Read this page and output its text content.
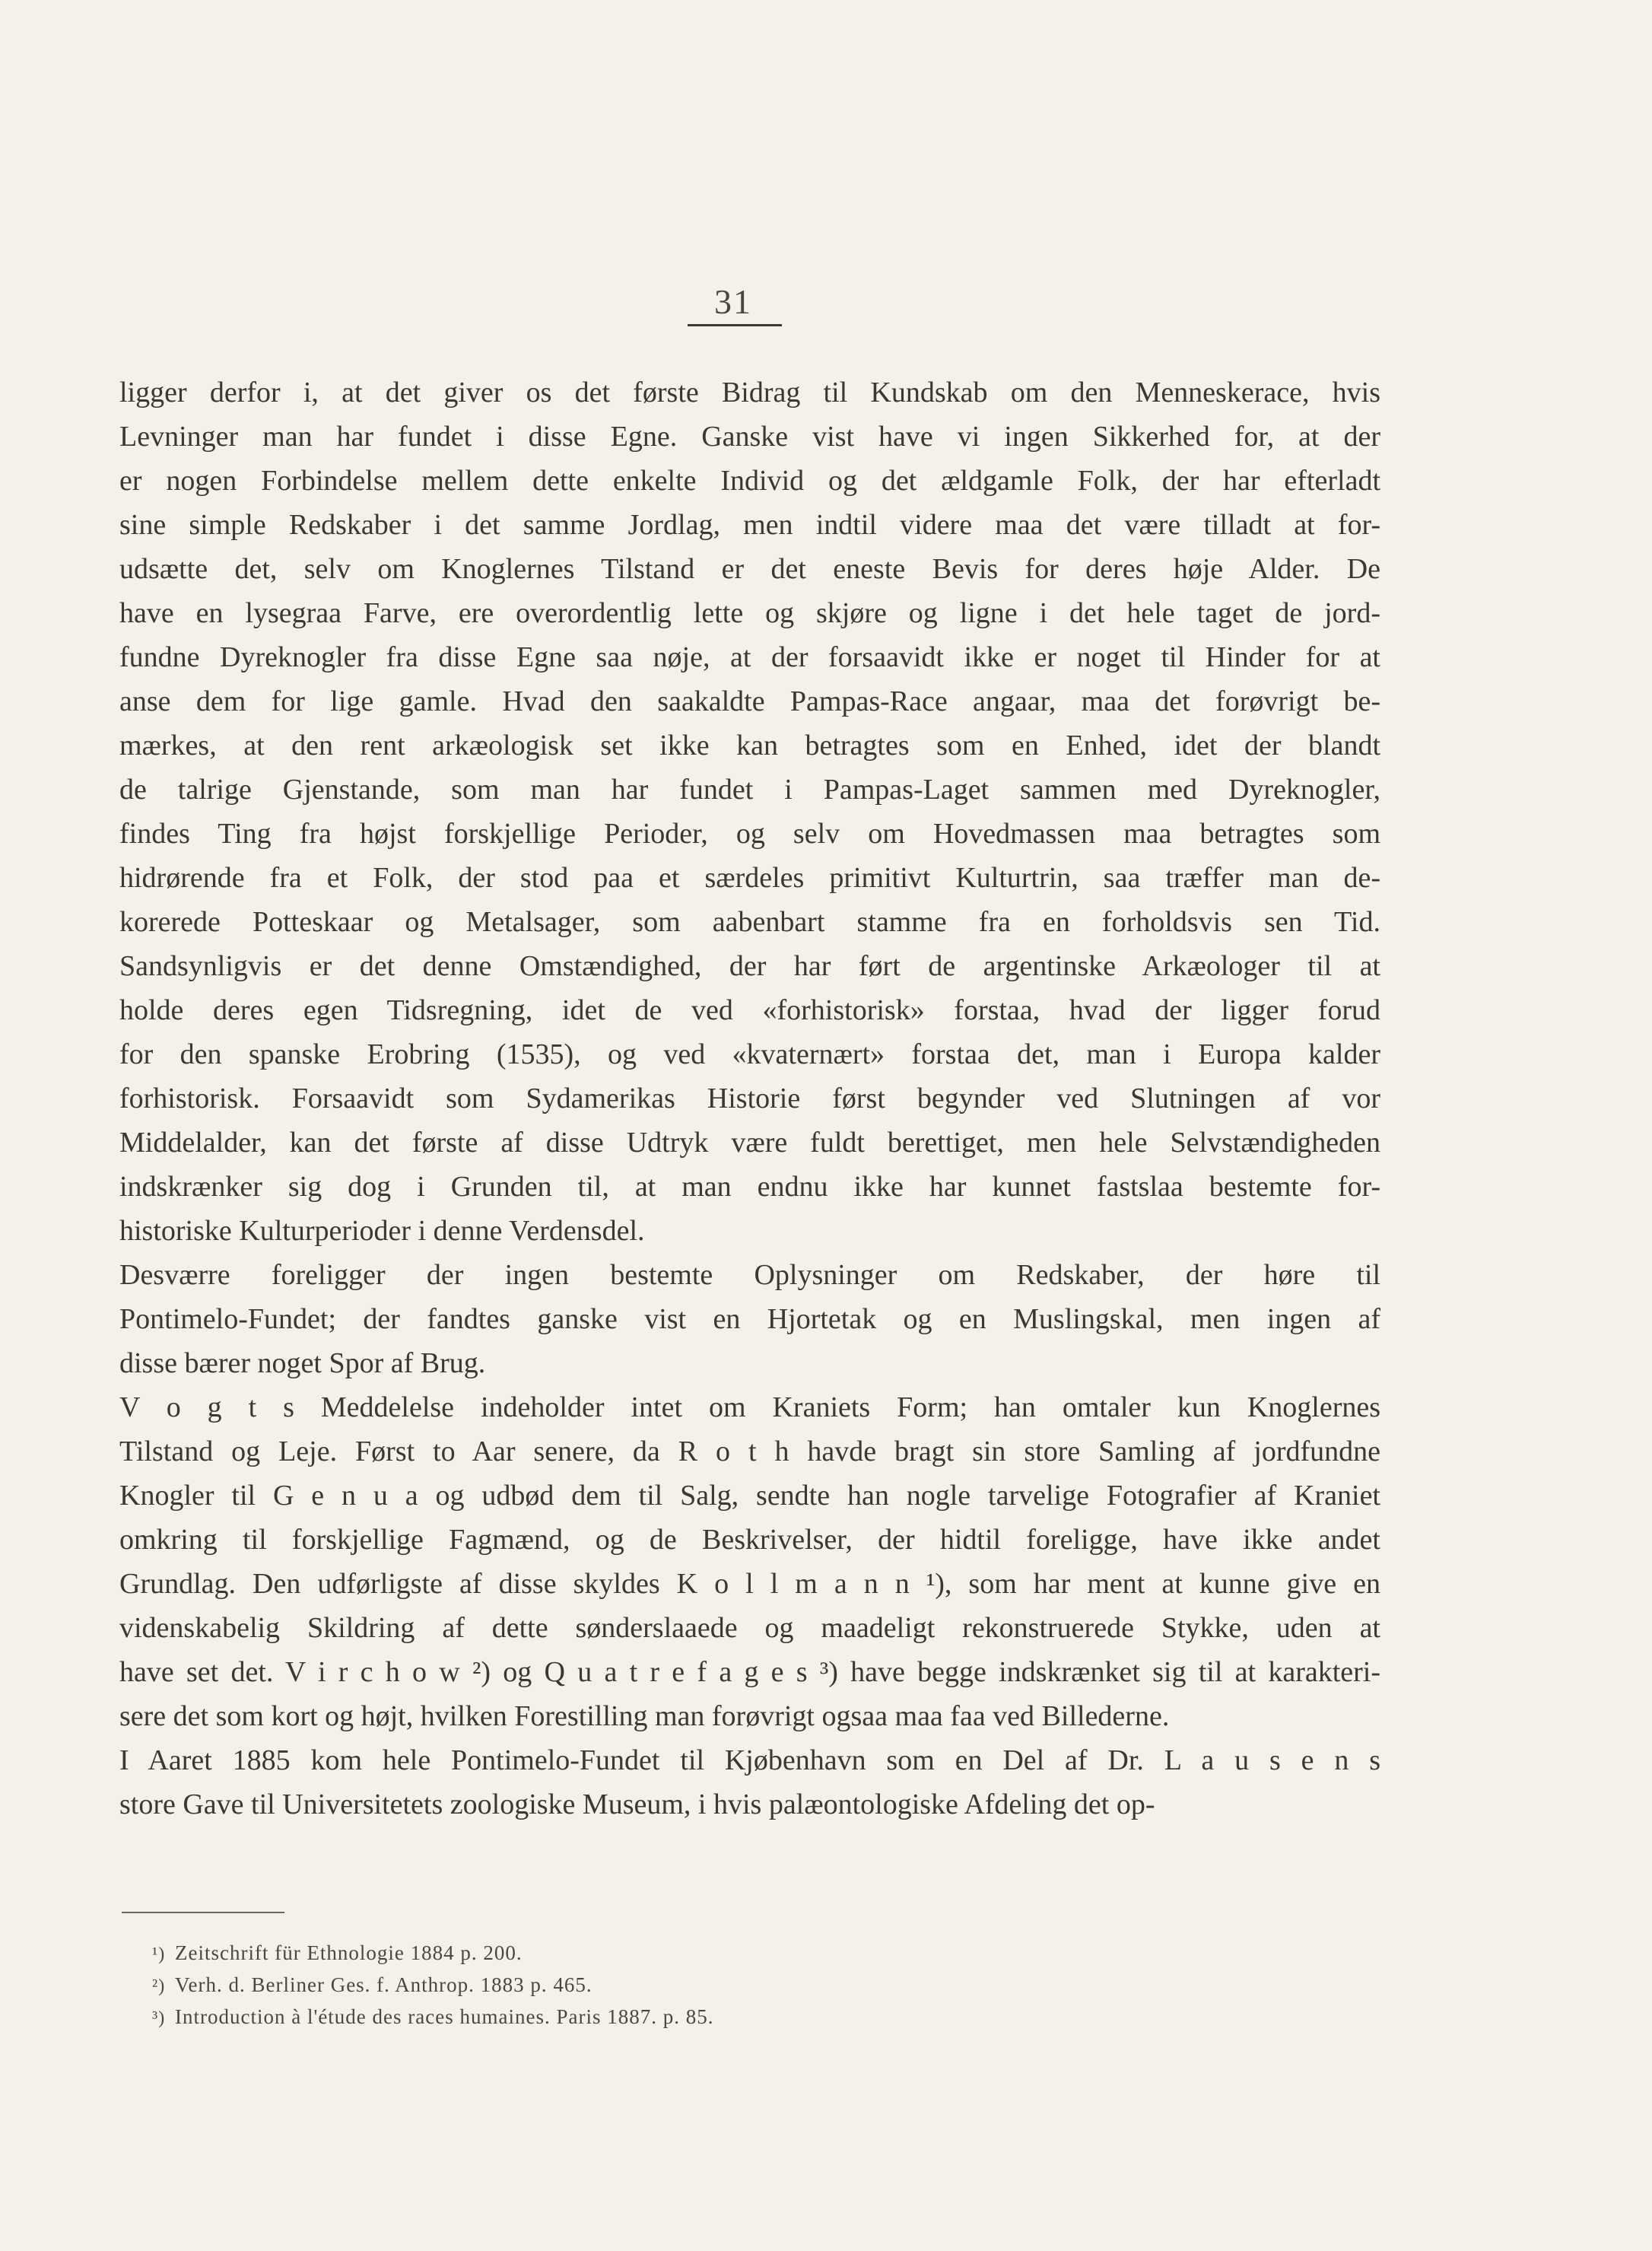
31
ligger derfor i, at det giver os det første Bidrag til Kundskab om den Menneskerace, hvis
Levninger man har fundet i disse Egne. Ganske vist have vi ingen Sikkerhed for, at der
er nogen Forbindelse mellem dette enkelte Individ og det ældgamle Folk, der har efterladt
sine simple Redskaber i det samme Jordlag, men indtil videre maa det være tilladt at for-
udsætte det, selv om Knoglernes Tilstand er det eneste Bevis for deres høje Alder. De
have en lysegraa Farve, ere overordentlig lette og skjøre og ligne i det hele taget de jord-
fundne Dyreknogler fra disse Egne saa nøje, at der forsaavidt ikke er noget til Hinder for at
anse dem for lige gamle. Hvad den saakaldte Pampas-Race angaar, maa det forøvrigt be-
mærkes, at den rent arkæologisk set ikke kan betragtes som en Enhed, idet der blandt
de talrige Gjenstande, som man har fundet i Pampas-Laget sammen med Dyreknogler,
findes Ting fra højst forskjellige Perioder, og selv om Hovedmassen maa betragtes som
hidrørende fra et Folk, der stod paa et særdeles primitivt Kulturtrin, saa træffer man de-
korerede Potteskaar og Metalsager, som aabenbart stamme fra en forholdsvis sen Tid.
Sandsynligvis er det denne Omstændighed, der har ført de argentinske Arkæologer til at
holde deres egen Tidsregning, idet de ved «forhistorisk» forstaa, hvad der ligger forud
for den spanske Erobring (1535), og ved «kvaternært» forstaa det, man i Europa kalder
forhistorisk. Forsaavidt som Sydamerikas Historie først begynder ved Slutningen af vor
Middelalder, kan det første af disse Udtryk være fuldt berettiget, men hele Selvstændigheden
indskrænker sig dog i Grunden til, at man endnu ikke har kunnet fastslaa bestemte for-
historiske Kulturperioder i denne Verdensdel.
Desværre foreligger der ingen bestemte Oplysninger om Redskaber, der høre til
Pontimelo-Fundet; der fandtes ganske vist en Hjortetak og en Muslingskal, men ingen af
disse bærer noget Spor af Brug.
V o g t s Meddelelse indeholder intet om Kraniets Form; han omtaler kun Knoglernes
Tilstand og Leje. Først to Aar senere, da R o t h havde bragt sin store Samling af jordfundne
Knogler til G e n u a og udbød dem til Salg, sendte han nogle tarvelige Fotografier af Kraniet
omkring til forskjellige Fagmænd, og de Beskrivelser, der hidtil foreligge, have ikke andet
Grundlag. Den udførligste af disse skyldes K o l l m a n n ¹), som har ment at kunne give en
videnskabelig Skildring af dette sønderslaaede og maadeligt rekonstruerede Stykke, uden at
have set det. V i r c h o w ²) og Q u a t r e f a g e s ³) have begge indskrænket sig til at karakteri-
sere det som kort og højt, hvilken Forestilling man forøvrigt ogsaa maa faa ved Billederne.
I Aaret 1885 kom hele Pontimelo-Fundet til Kjøbenhavn som en Del af Dr. L a u s e n s
store Gave til Universitetets zoologiske Museum, i hvis palæontologiske Afdeling det op-
¹) Zeitschrift für Ethnologie 1884 p. 200.
²) Verh. d. Berliner Ges. f. Anthrop. 1883 p. 465.
³) Introduction à l'étude des races humaines. Paris 1887. p. 85.
